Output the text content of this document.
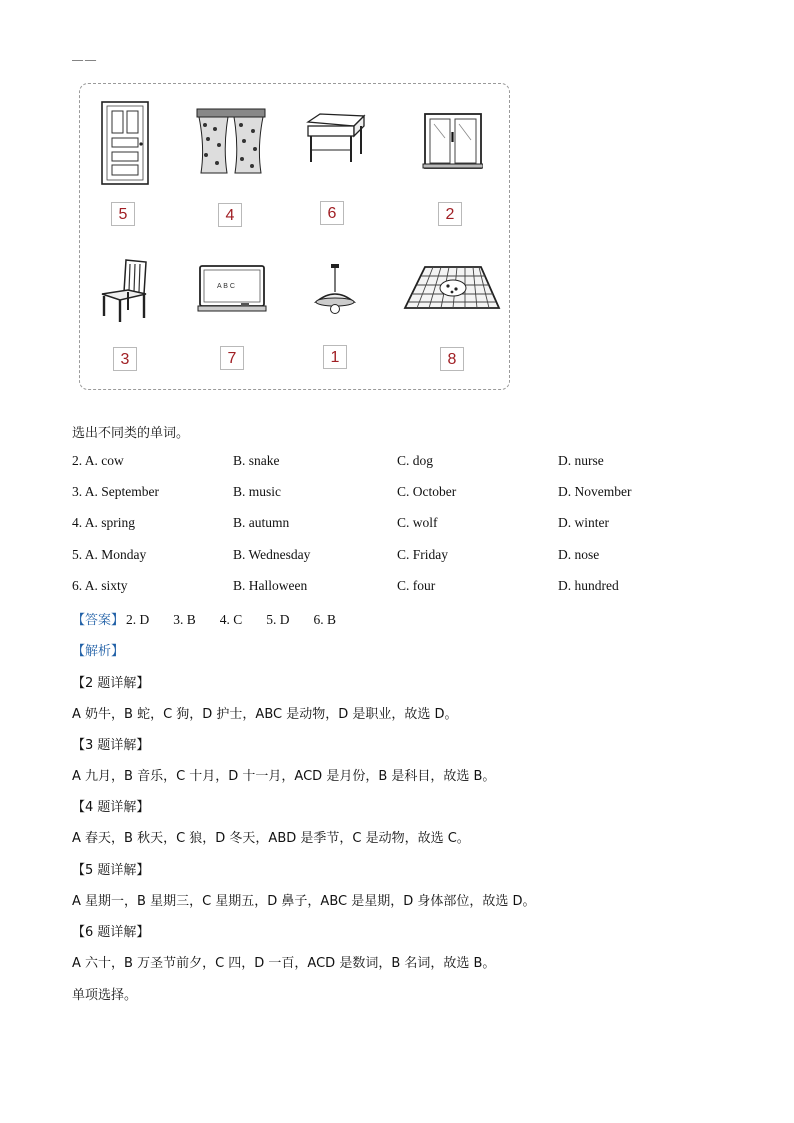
——
5	4	6	2
3
A B C
7	1	8
选出不同类的单词。
2. A. cow	B. snake	C. dog	D. nurse
3. A. September	B. music	C. October	D. November
4. A. spring	B. autumn	C. wolf	D. winter
5. A. Monday	B. Wednesday	C. Friday	D. nose
6. A. sixty	B. Halloween	C. four	D. hundred
【答案】 2. D 3. B 4. C 5. D 6. B
【解析】
【2 题详解】
A 奶牛，B 蛇，C 狗，D 护士，ABC 是动物，D 是职业，故选 D。
【3 题详解】
A 九月，B 音乐，C 十月，D 十一月，ACD 是月份，B 是科目，故选 B。
【4 题详解】
A 春天，B 秋天，C 狼，D 冬天，ABD 是季节，C 是动物，故选 C。
【5 题详解】
A 星期一，B 星期三，C 星期五，D 鼻子，ABC 是星期，D 身体部位，故选 D。
【6 题详解】
A 六十，B 万圣节前夕，C 四，D 一百，ACD 是数词，B 名词，故选 B。
单项选择。
